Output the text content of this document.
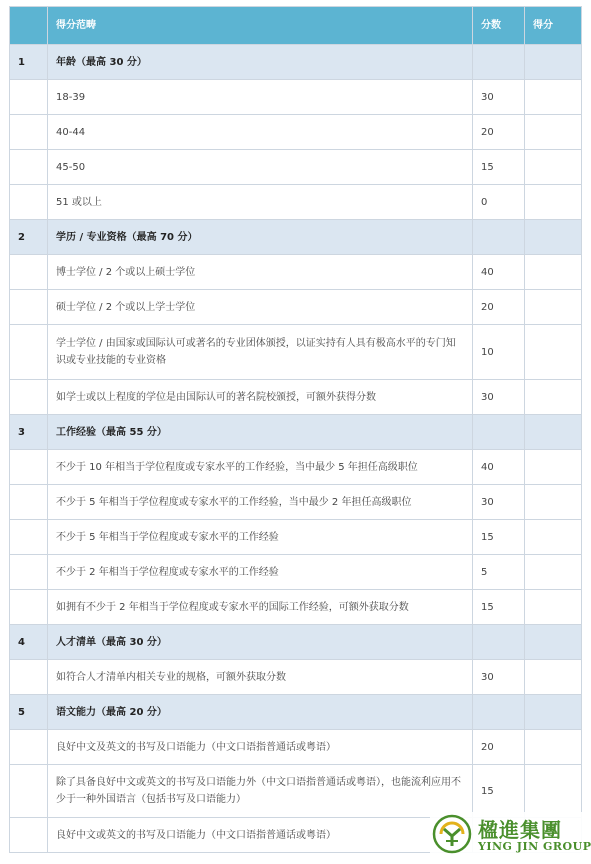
	得分范畴	分数	得分
1	年龄（最高 30 分）		
	18-39	30	
	40-44	20	
	45-50	15	
	51 或以上	0	
2	学历 / 专业资格（最高 70 分）		
	博士学位 / 2 个或以上硕士学位	40	
	硕士学位 / 2 个或以上学士学位	20	
	学士学位 / 由国家或国际认可或著名的专业团体颁授，以证实持有人具有极高水平的专门知识或专业技能的专业资格	10	
	如学士或以上程度的学位是由国际认可的著名院校颁授，可额外获得分数	30	
3	工作经验（最高 55 分）		
	不少于 10 年相当于学位程度或专家水平的工作经验，当中最少 5 年担任高级职位	40	
	不少于 5 年相当于学位程度或专家水平的工作经验，当中最少 2 年担任高级职位	30	
	不少于 5 年相当于学位程度或专家水平的工作经验	15	
	不少于 2 年相当于学位程度或专家水平的工作经验	5	
	如拥有不少于 2 年相当于学位程度或专家水平的国际工作经验，可额外获取分数	15	
4	人才清单（最高 30 分）		
	如符合人才清单内相关专业的规格，可额外获取分数	30	
5	语文能力（最高 20 分）		
	良好中文及英文的书写及口语能力（中文口语指普通话或粤语）	20	
	除了具备良好中文或英文的书写及口语能力外（中文口语指普通话或粤语），也能流利应用不少于一种外国语言（包括书写及口语能力）	15	
	良好中文或英文的书写及口语能力（中文口语指普通话或粤语）			楹進集團
YING JIN GROUP
